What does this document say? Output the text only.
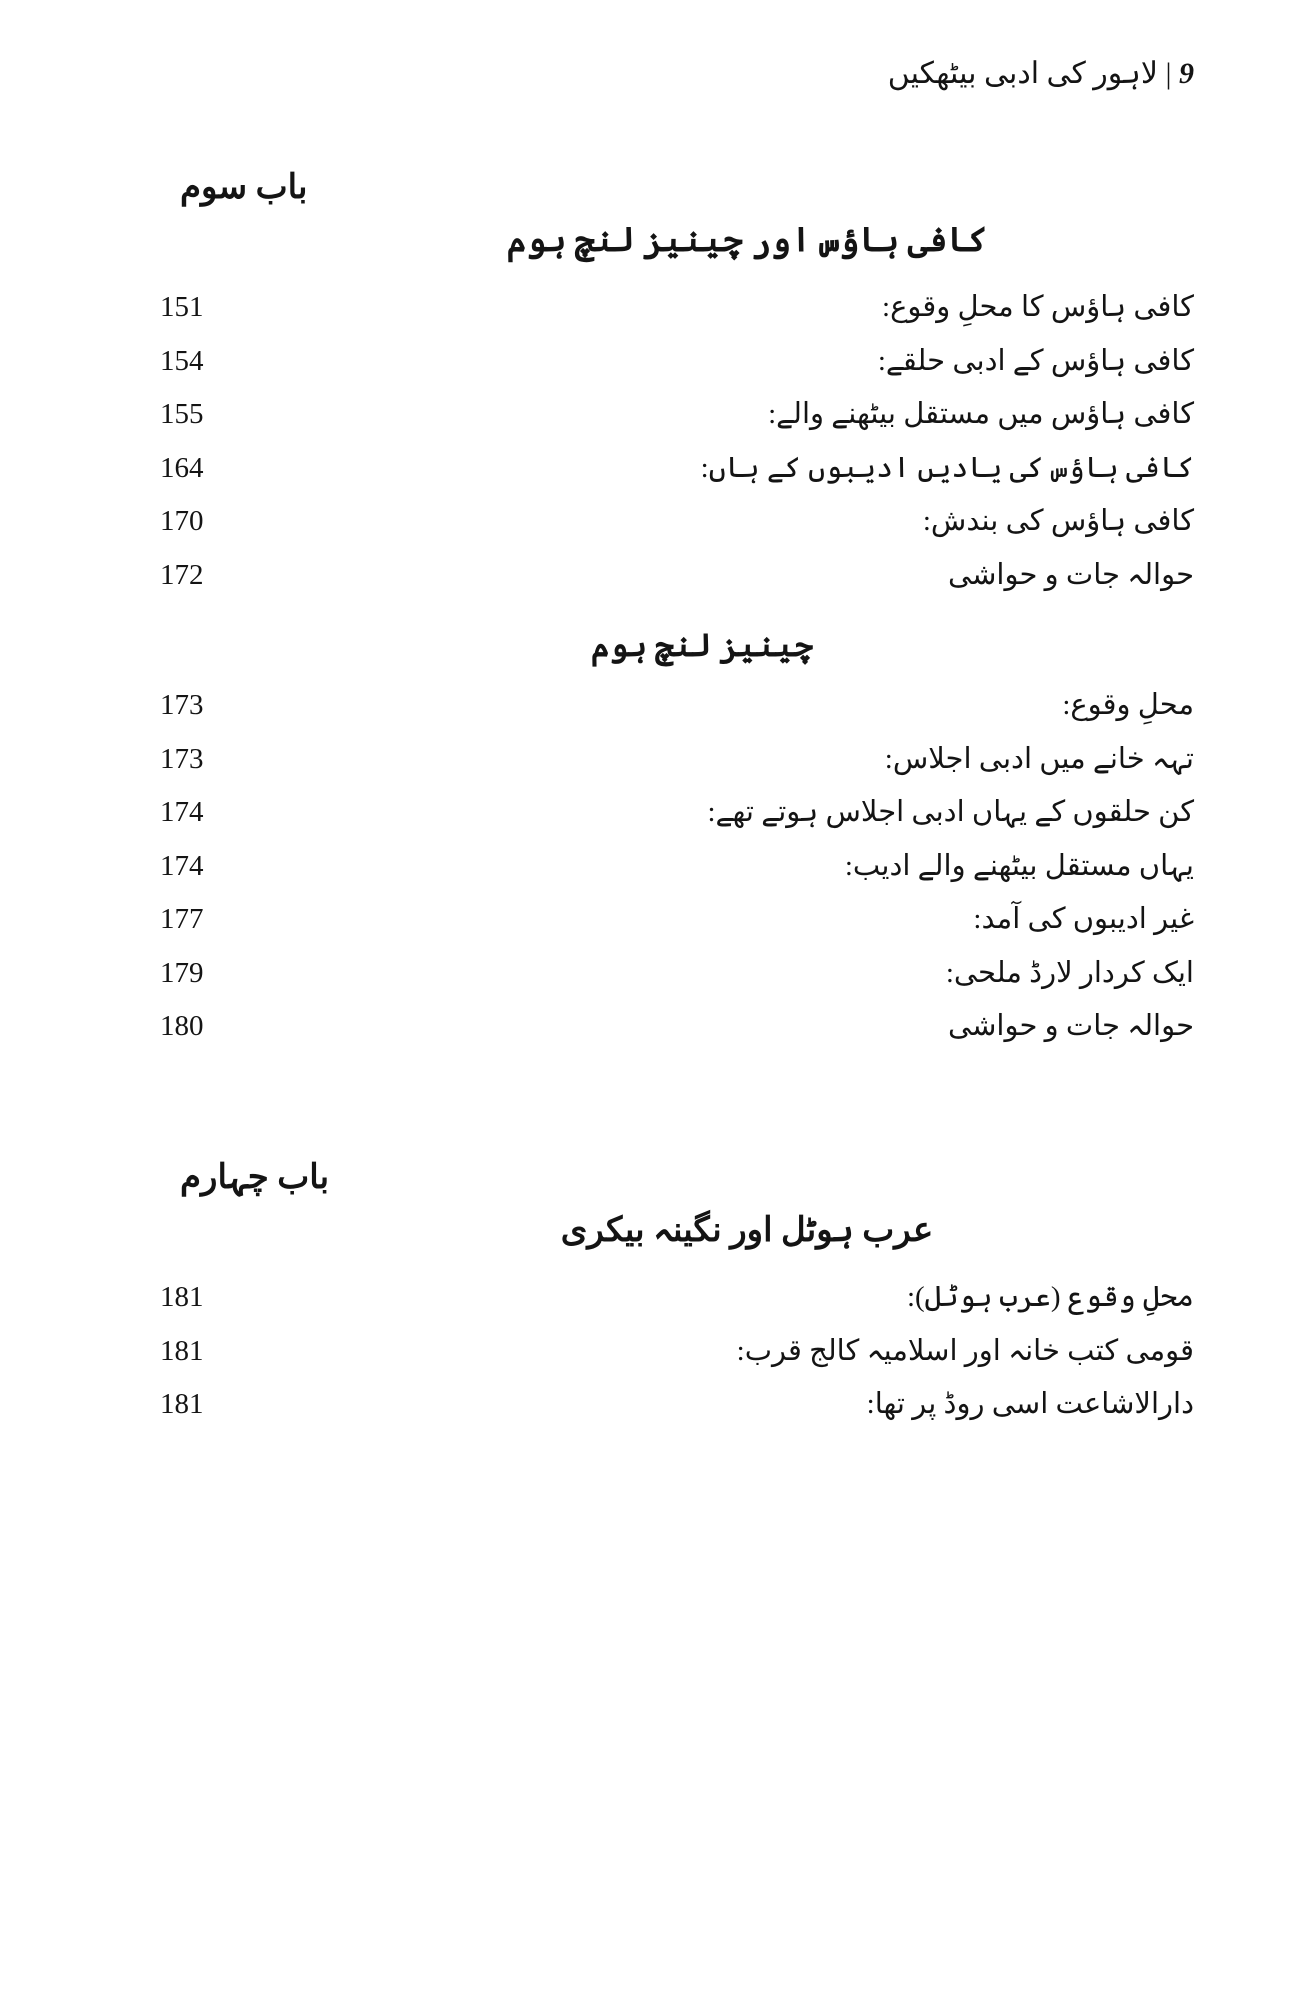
9 | لاہور کی ادبی بیٹھکیں
باب سوم
کافی ہاؤس اور چینیز لنچ ہوم
کافی ہاؤس کا محلِ وقوع:
151
کافی ہاؤس کے ادبی حلقے:
154
کافی ہاؤس میں مستقل بیٹھنے والے:
155
کافی ہاؤس کی یادیں ادیبوں کے ہاں:
164
کافی ہاؤس کی بندش:
170
حوالہ جات و حواشی
172
چینیز لنچ ہوم
محلِ وقوع:
173
تہہ خانے میں ادبی اجلاس:
173
کن حلقوں کے یہاں ادبی اجلاس ہوتے تھے:
174
یہاں مستقل بیٹھنے والے ادیب:
174
غیر ادیبوں کی آمد:
177
ایک کردار لارڈ ملحی:
179
حوالہ جات و حواشی
180
باب چہارم
عرب ہوٹل اور نگینہ بیکری
محلِ وقوع (عرب ہوٹل):
181
قومی کتب خانہ اور اسلامیہ کالج قرب:
181
دارالاشاعت اسی روڈ پر تھا:
181
